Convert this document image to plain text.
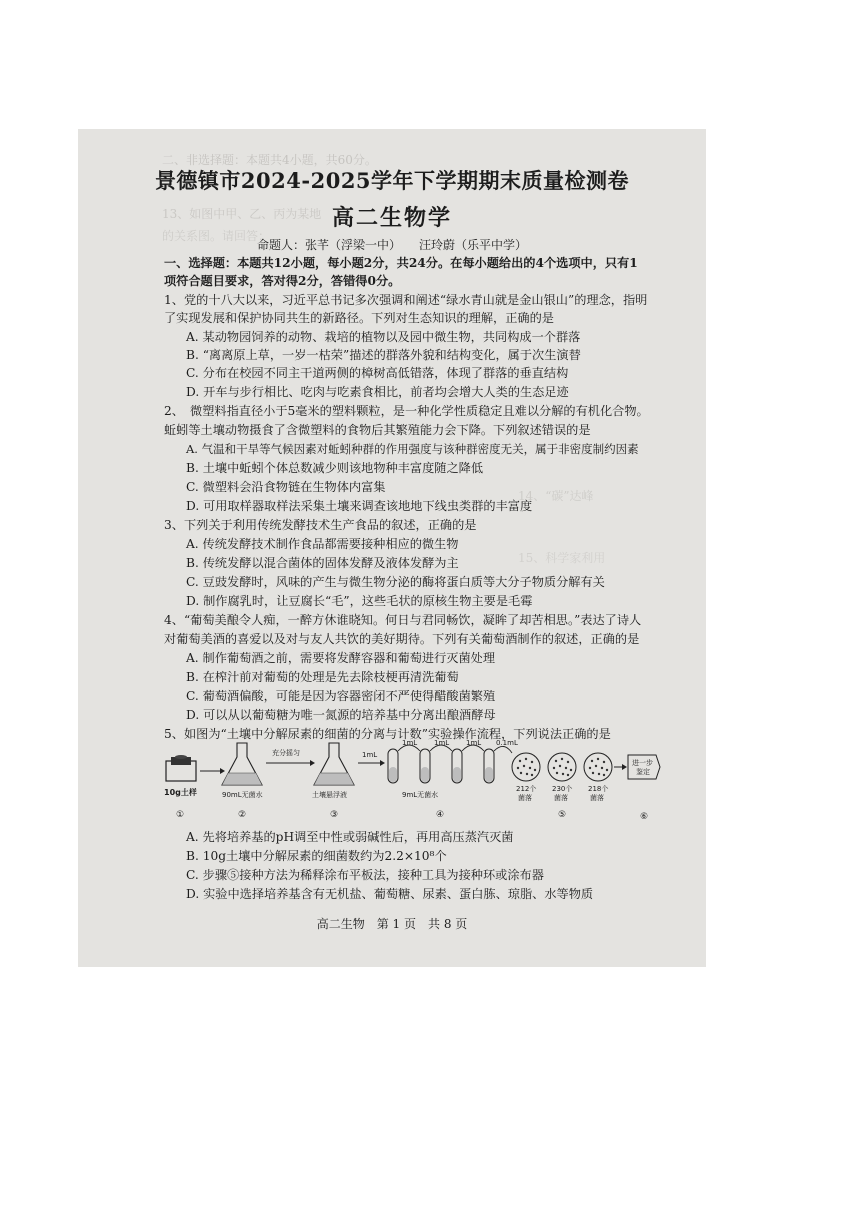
二、非选择题：本题共4小题，共60分。
13、如图中甲、乙、丙为某地
的关系图。请回答：
14、“碳”达峰
15、科学家利用
景德镇市2024-2025学年下学期期末质量检测卷
高二生物学
命题人：张芊（浮梁一中）　　汪玲蔚（乐平中学）
一、选择题：本题共12小题，每小题2分，共24分。在每小题给出的4个选项中，只有1
项符合题目要求，答对得2分，答错得0分。
1、党的十八大以来，习近平总书记多次强调和阐述“绿水青山就是金山银山”的理念，指明
了实现发展和保护协同共生的新路径。下列对生态知识的理解，正确的是
A. 某动物园饲养的动物、栽培的植物以及园中微生物，共同构成一个群落
B. “离离原上草，一岁一枯荣”描述的群落外貌和结构变化，属于次生演替
C. 分布在校园不同主干道两侧的樟树高低错落，体现了群落的垂直结构
D. 开车与步行相比、吃肉与吃素食相比，前者均会增大人类的生态足迹
2、　微塑料指直径小于5毫米的塑料颗粒，是一种化学性质稳定且难以分解的有机化合物。
蚯蚓等土壤动物摄食了含微塑料的食物后其繁殖能力会下降。下列叙述错误的是
A. 气温和干旱等气候因素对蚯蚓种群的作用强度与该种群密度无关，属于非密度制约因素
B. 土壤中蚯蚓个体总数减少则该地物种丰富度随之降低
C. 微塑料会沿食物链在生物体内富集
D. 可用取样器取样法采集土壤来调查该地地下线虫类群的丰富度
3、下列关于利用传统发酵技术生产食品的叙述，正确的是
A. 传统发酵技术制作食品都需要接种相应的微生物
B. 传统发酵以混合菌体的固体发酵及液体发酵为主
C. 豆豉发酵时，风味的产生与微生物分泌的酶将蛋白质等大分子物质分解有关
D. 制作腐乳时，让豆腐长“毛”，这些毛状的原核生物主要是毛霉
4、“葡萄美酿令人痴，一醉方休谁晓知。何日与君同畅饮，凝眸了却苦相思。”表达了诗人
对葡萄美酒的喜爱以及对与友人共饮的美好期待。下列有关葡萄酒制作的叙述，正确的是
A. 制作葡萄酒之前，需要将发酵容器和葡萄进行灭菌处理
B. 在榨汁前对葡萄的处理是先去除枝梗再清洗葡萄
C. 葡萄酒偏酸，可能是因为容器密闭不严使得醋酸菌繁殖
D. 可以从以葡萄糖为唯一氮源的培养基中分离出酿酒酵母
5、如图为“土壤中分解尿素的细菌的分离与计数”实验操作流程，下列说法正确的是
10g土样
①
90mL无菌水
②
充分摇匀
土壤悬浮液
③
1mL
1mL 1mL 1mL
9mL无菌水
④
0.1mL
212个
菌落
230个
菌落
218个
菌落
⑤
进一步
鉴定
⑥
A. 先将培养基的pH调至中性或弱碱性后，再用高压蒸汽灭菌
B. 10g土壤中分解尿素的细菌数约为2.2×10⁸个
C. 步骤⑤接种方法为稀释涂布平板法，接种工具为接种环或涂布器
D. 实验中选择培养基含有无机盐、葡萄糖、尿素、蛋白胨、琼脂、水等物质
高二生物　第 1 页　共 8 页
